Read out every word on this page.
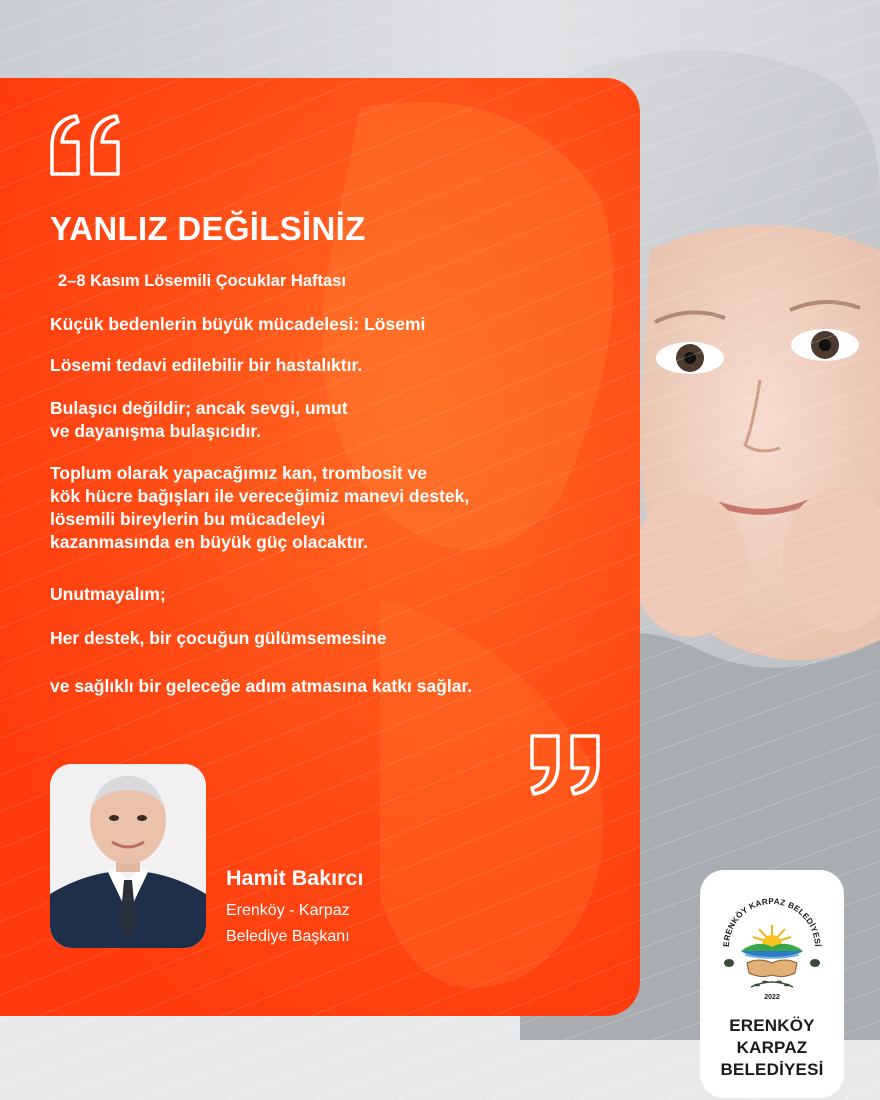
YANLIZ DEĞİLSİNİZ
2–8 Kasım Lösemili Çocuklar Haftası
Küçük bedenlerin büyük mücadelesi: Lösemi
Lösemi tedavi edilebilir bir hastalıktır.
Bulaşıcı değildir; ancak sevgi, umut
ve dayanışma bulaşıcıdır.
Toplum olarak yapacağımız kan, trombosit ve
kök hücre bağışları ile vereceğimiz manevi destek,
lösemili bireylerin bu mücadeleyi
kazanmasında en büyük güç olacaktır.
Unutmayalım;
Her destek, bir çocuğun gülümsemesine
ve sağlıklı bir geleceğe adım atmasına katkı sağlar.
Hamit Bakırcı
Erenköy - Karpaz
Belediye Başkanı	ERENKÖY KARPAZ BELEDİYESİ
2022
ERENKÖY
KARPAZ
BELEDİYESİ
